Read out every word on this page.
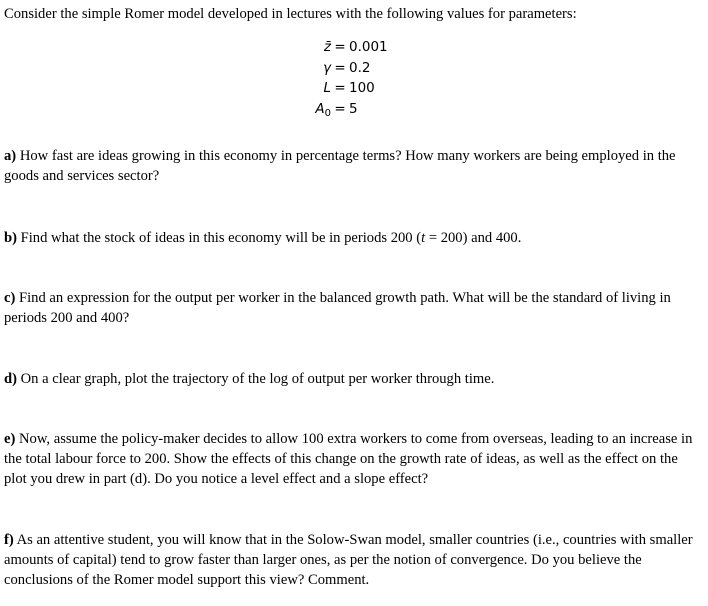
Consider the simple Romer model developed in lectures with the following values for parameters:
z̄ = 0.001
γ = 0.2
L = 100
$A_0 = 5$
a) How fast are ideas growing in this economy in percentage terms? How many workers are being employed in the goods and services sector?
b) Find what the stock of ideas in this economy will be in periods 200 (t = 200) and 400.
c) Find an expression for the output per worker in the balanced growth path. What will be the standard of living in periods 200 and 400?
d) On a clear graph, plot the trajectory of the log of output per worker through time.
e) Now, assume the policy-maker decides to allow 100 extra workers to come from overseas, leading to an increase in the total labour force to 200. Show the effects of this change on the growth rate of ideas, as well as the effect on the plot you drew in part (d). Do you notice a level effect and a slope effect?
f) As an attentive student, you will know that in the Solow-Swan model, smaller countries (i.e., countries with smaller amounts of capital) tend to grow faster than larger ones, as per the notion of convergence. Do you believe the conclusions of the Romer model support this view? Comment.
